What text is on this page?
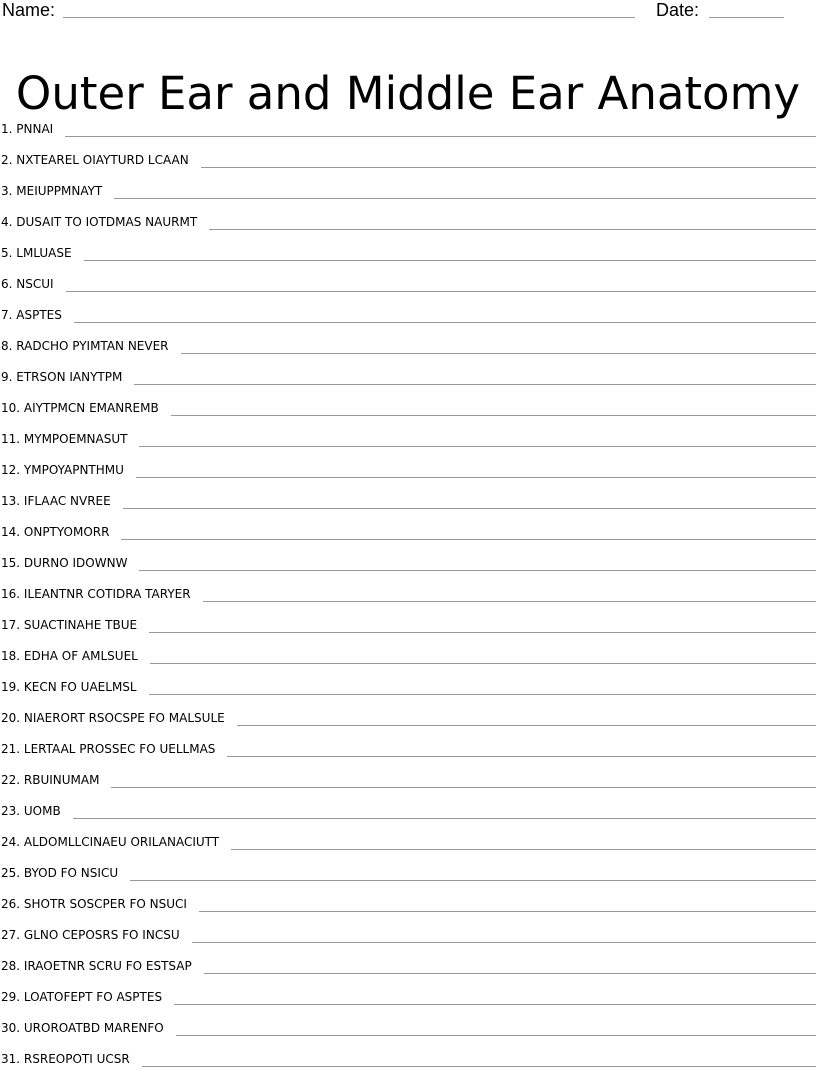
Name:	Date:
Outer Ear and Middle Ear Anatomy
1. PNNAI
2. NXTEAREL OIAYTURD LCAAN
3. MEIUPPMNAYT
4. DUSAIT TO IOTDMAS NAURMT
5. LMLUASE
6. NSCUI
7. ASPTES
8. RADCHO PYIMTAN NEVER
9. ETRSON IANYTPM
10. AIYTPMCN EMANREMB
11. MYMPOEMNASUT
12. YMPOYAPNTHMU
13. IFLAAC NVREE
14. ONPTYOMORR
15. DURNO IDOWNW
16. ILEANTNR COTIDRA TARYER
17. SUACTINAHE TBUE
18. EDHA OF AMLSUEL
19. KECN FO UAELMSL
20. NIAERORT RSOCSPE FO MALSULE
21. LERTAAL PROSSEC FO UELLMAS
22. RBUINUMAM
23. UOMB
24. ALDOMLLCINAEU ORILANACIUTT
25. BYOD FO NSICU
26. SHOTR SOSCPER FO NSUCI
27. GLNO CEPOSRS FO INCSU
28. IRAOETNR SCRU FO ESTSAP
29. LOATOFEPT FO ASPTES
30. UROROATBD MARENFO
31. RSREOPOTI UCSR
